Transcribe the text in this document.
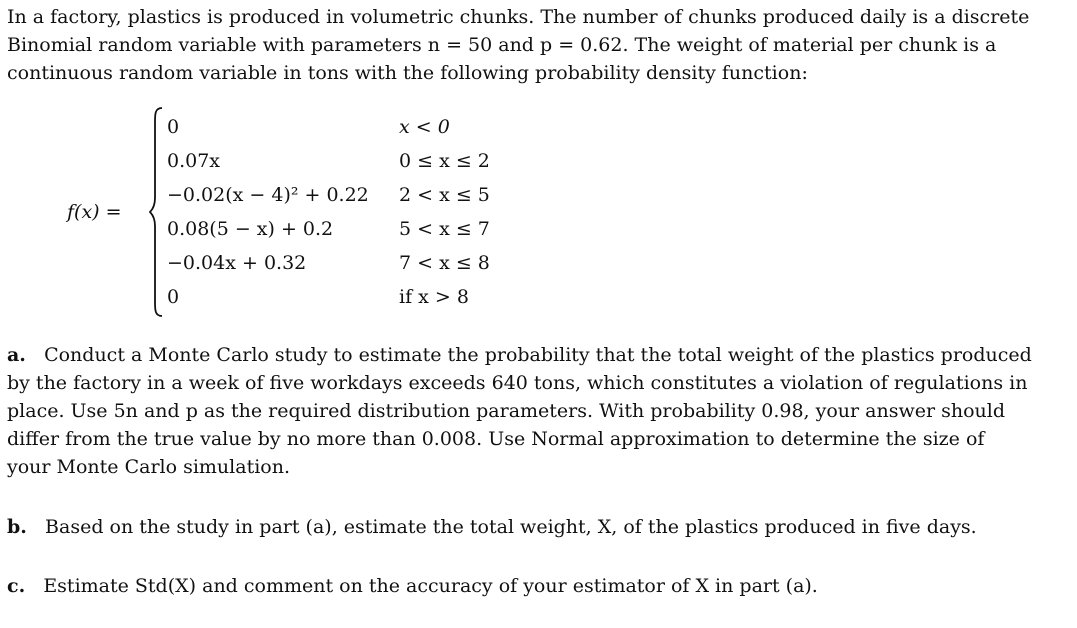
In a factory, plastics is produced in volumetric chunks. The number of chunks produced daily is a discrete
Binomial random variable with parameters n = 50 and p = 0.62. The weight of material per chunk is a
continuous random variable in tons with the following probability density function:
f(x) =
0	x < 0
0.07x	0 ≤ x ≤ 2
−0.02(x − 4)² + 0.22	2 < x ≤ 5
0.08(5 − x) + 0.2	5 < x ≤ 7
−0.04x + 0.32	7 < x ≤ 8
0	if x > 8
a. Conduct a Monte Carlo study to estimate the probability that the total weight of the plastics produced
by the factory in a week of five workdays exceeds 640 tons, which constitutes a violation of regulations in
place. Use 5n and p as the required distribution parameters. With probability 0.98, your answer should
differ from the true value by no more than 0.008. Use Normal approximation to determine the size of
your Monte Carlo simulation.
b. Based on the study in part (a), estimate the total weight, X, of the plastics produced in five days.
c. Estimate Std(X) and comment on the accuracy of your estimator of X in part (a).
